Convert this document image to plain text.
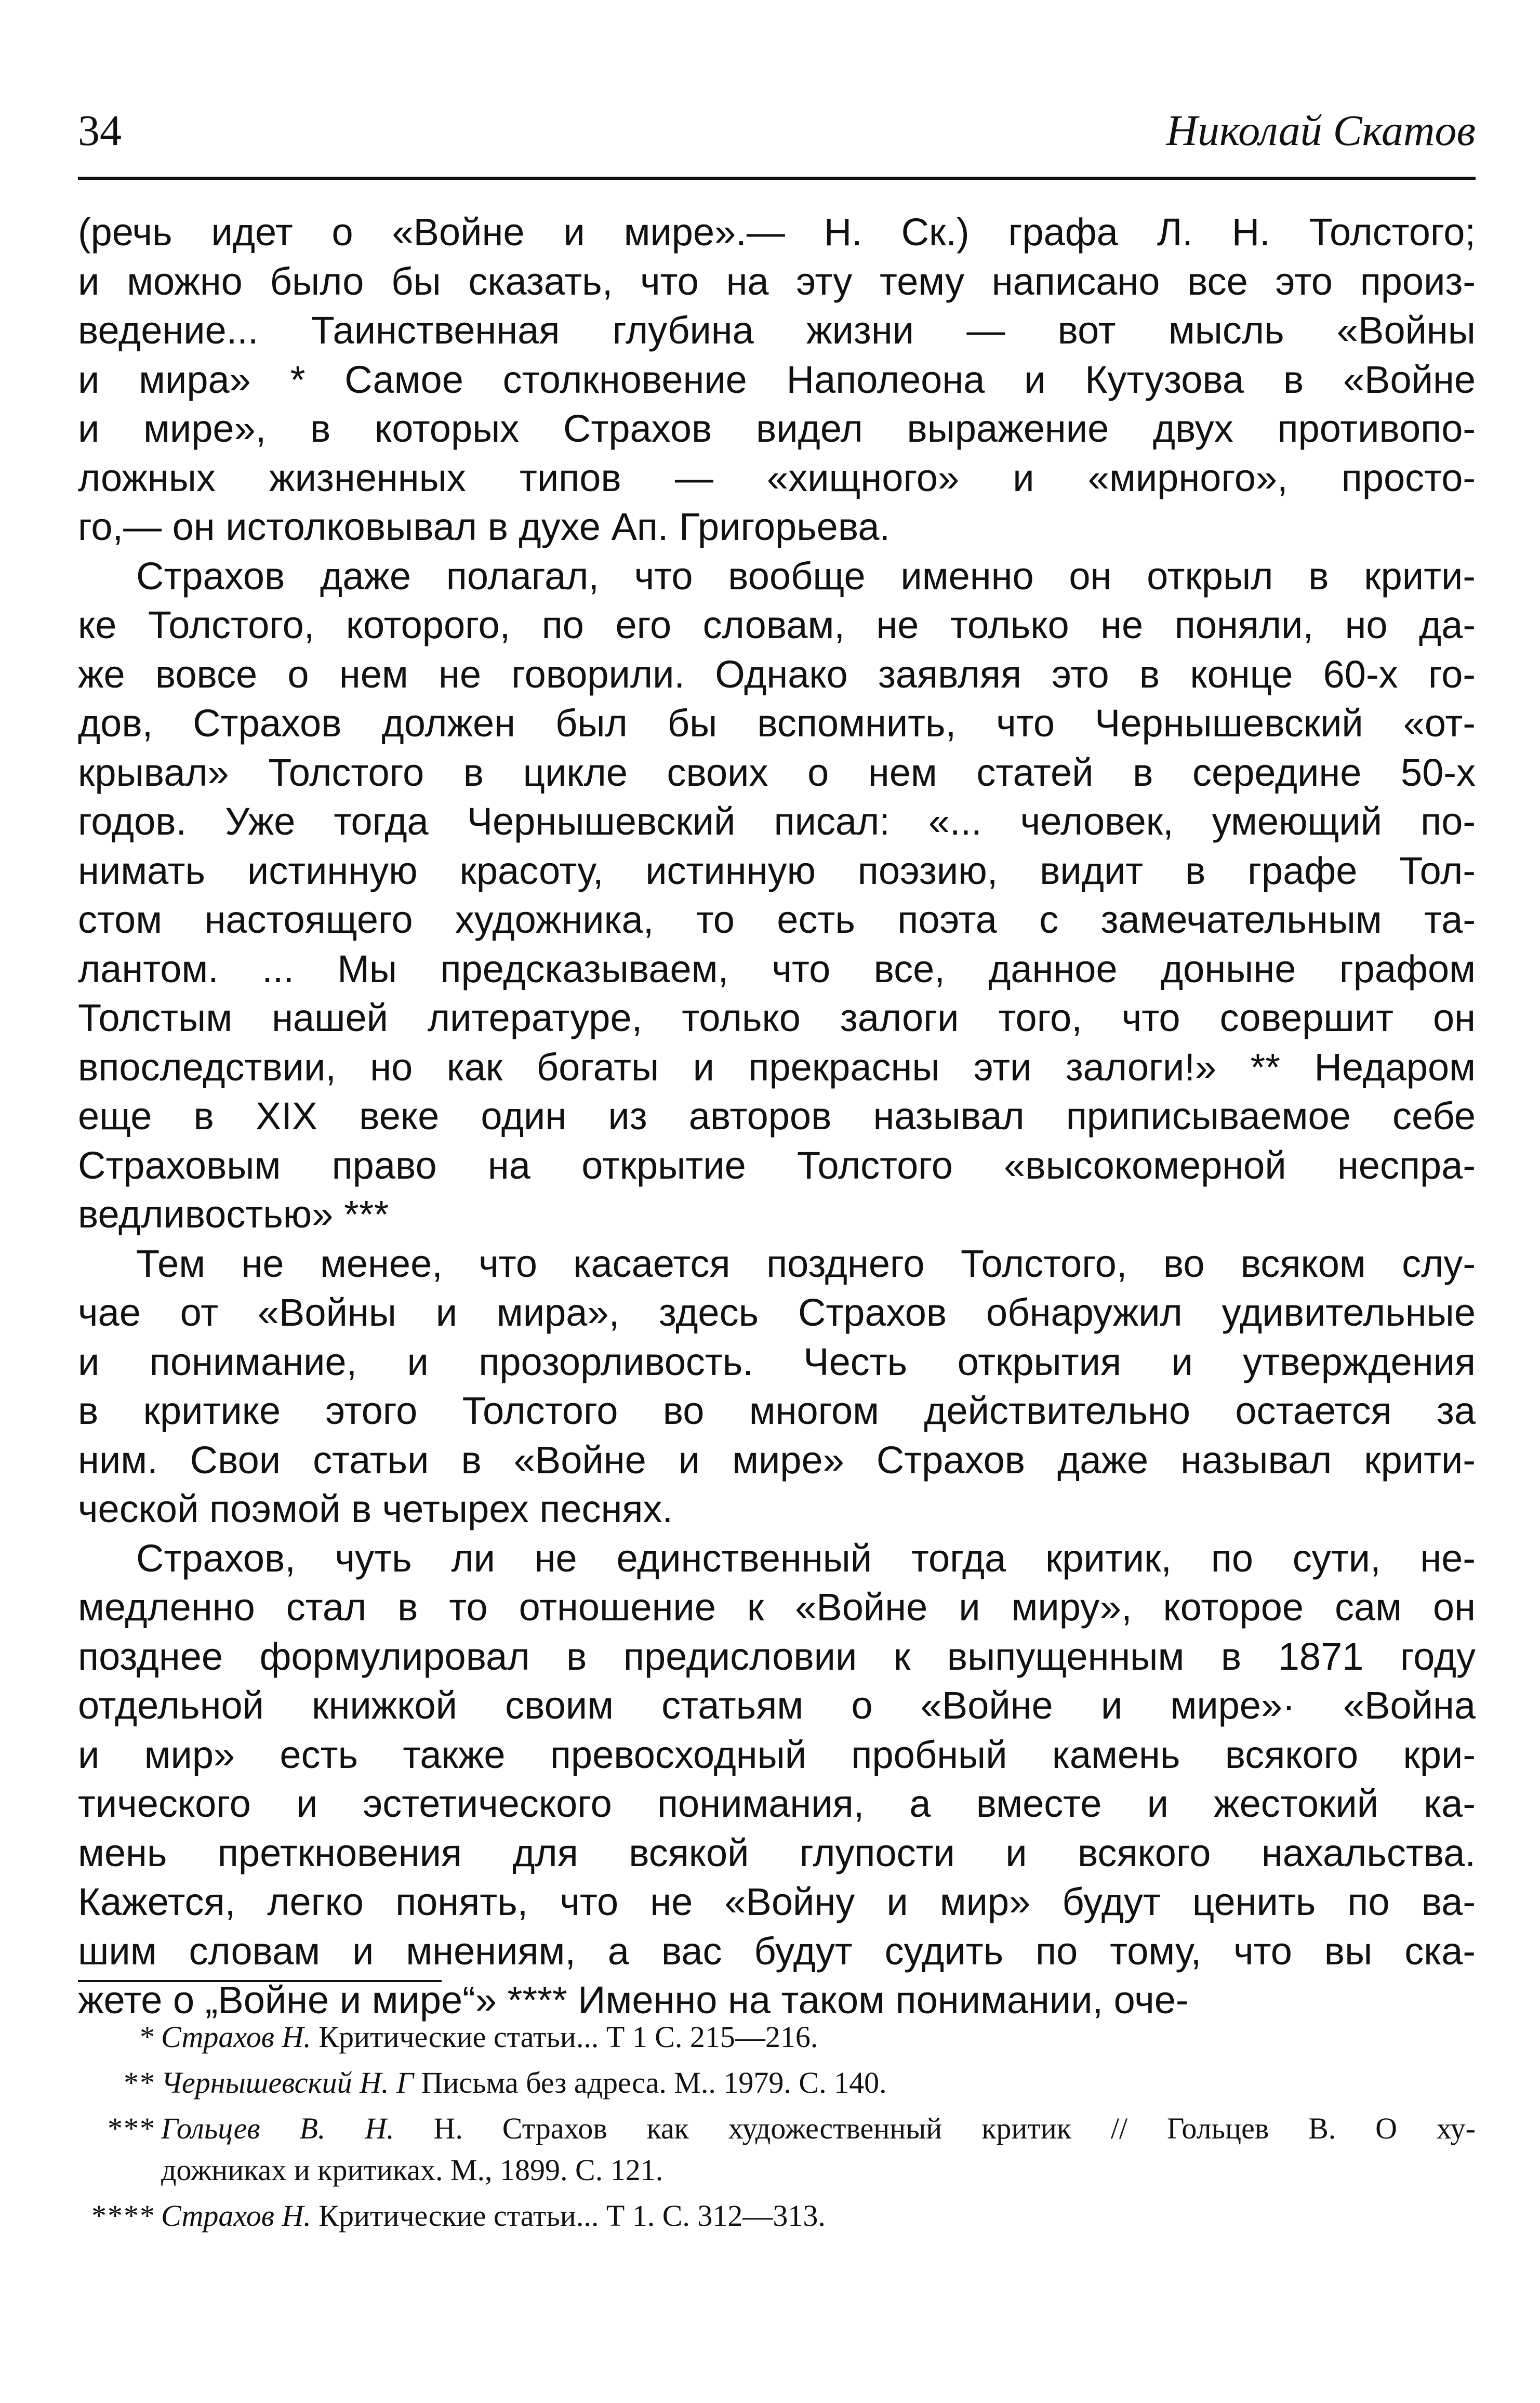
34	Николай Скатов
(речь идет о «Войне и мире».— Н. Ск.) графа Л. Н. Толстого;
и можно было бы сказать, что на эту тему написано все это произ-
ведение... Таинственная глубина жизни — вот мысль «Войны
и мира» * Самое столкновение Наполеона и Кутузова в «Войне
и мире», в которых Страхов видел выражение двух противопо-
ложных жизненных типов — «хищного» и «мирного», просто-
го,— он истолковывал в духе Ап. Григорьева.
Страхов даже полагал, что вообще именно он открыл в крити-
ке Толстого, которого, по его словам, не только не поняли, но да-
же вовсе о нем не говорили. Однако заявляя это в конце 60-х го-
дов, Страхов должен был бы вспомнить, что Чернышевский «от-
крывал» Толстого в цикле своих о нем статей в середине 50-х
годов. Уже тогда Чернышевский писал: «... человек, умеющий по-
нимать истинную красоту, истинную поэзию, видит в графе Тол-
стом настоящего художника, то есть поэта с замечательным та-
лантом. ... Мы предсказываем, что все, данное доныне графом
Толстым нашей литературе, только залоги того, что совершит он
впоследствии, но как богаты и прекрасны эти залоги!» ** Недаром
еще в XIX веке один из авторов называл приписываемое себе
Страховым право на открытие Толстого «высокомерной неспра-
ведливостью» ***
Тем не менее, что касается позднего Толстого, во всяком слу-
чае от «Войны и мира», здесь Страхов обнаружил удивительные
и понимание, и прозорливость. Честь открытия и утверждения
в критике этого Толстого во многом действительно остается за
ним. Свои статьи в «Войне и мире» Страхов даже называл крити-
ческой поэмой в четырех песнях.
Страхов, чуть ли не единственный тогда критик, по сути, не-
медленно стал в то отношение к «Войне и миру», которое сам он
позднее формулировал в предисловии к выпущенным в 1871 году
отдельной книжкой своим статьям о «Войне и мире»· «Война
и мир» есть также превосходный пробный камень всякого кри-
тического и эстетического понимания, а вместе и жестокий ка-
мень преткновения для всякой глупости и всякого нахальства.
Кажется, легко понять, что не «Войну и мир» будут ценить по ва-
шим словам и мнениям, а вас будут судить по тому, что вы ска-
жете о „Войне и мире“» **** Именно на таком понимании, оче-
* Страхов Н. Критические статьи... Т 1 С. 215—216.
** Чернышевский Н. Г Письма без адреса. М.. 1979. С. 140.
*** Гольцев В. Н. Н. Страхов как художественный критик // Гольцев В. О ху-
дожниках и критиках. М., 1899. С. 121.
**** Страхов Н. Критические статьи... Т 1. С. 312—313.
